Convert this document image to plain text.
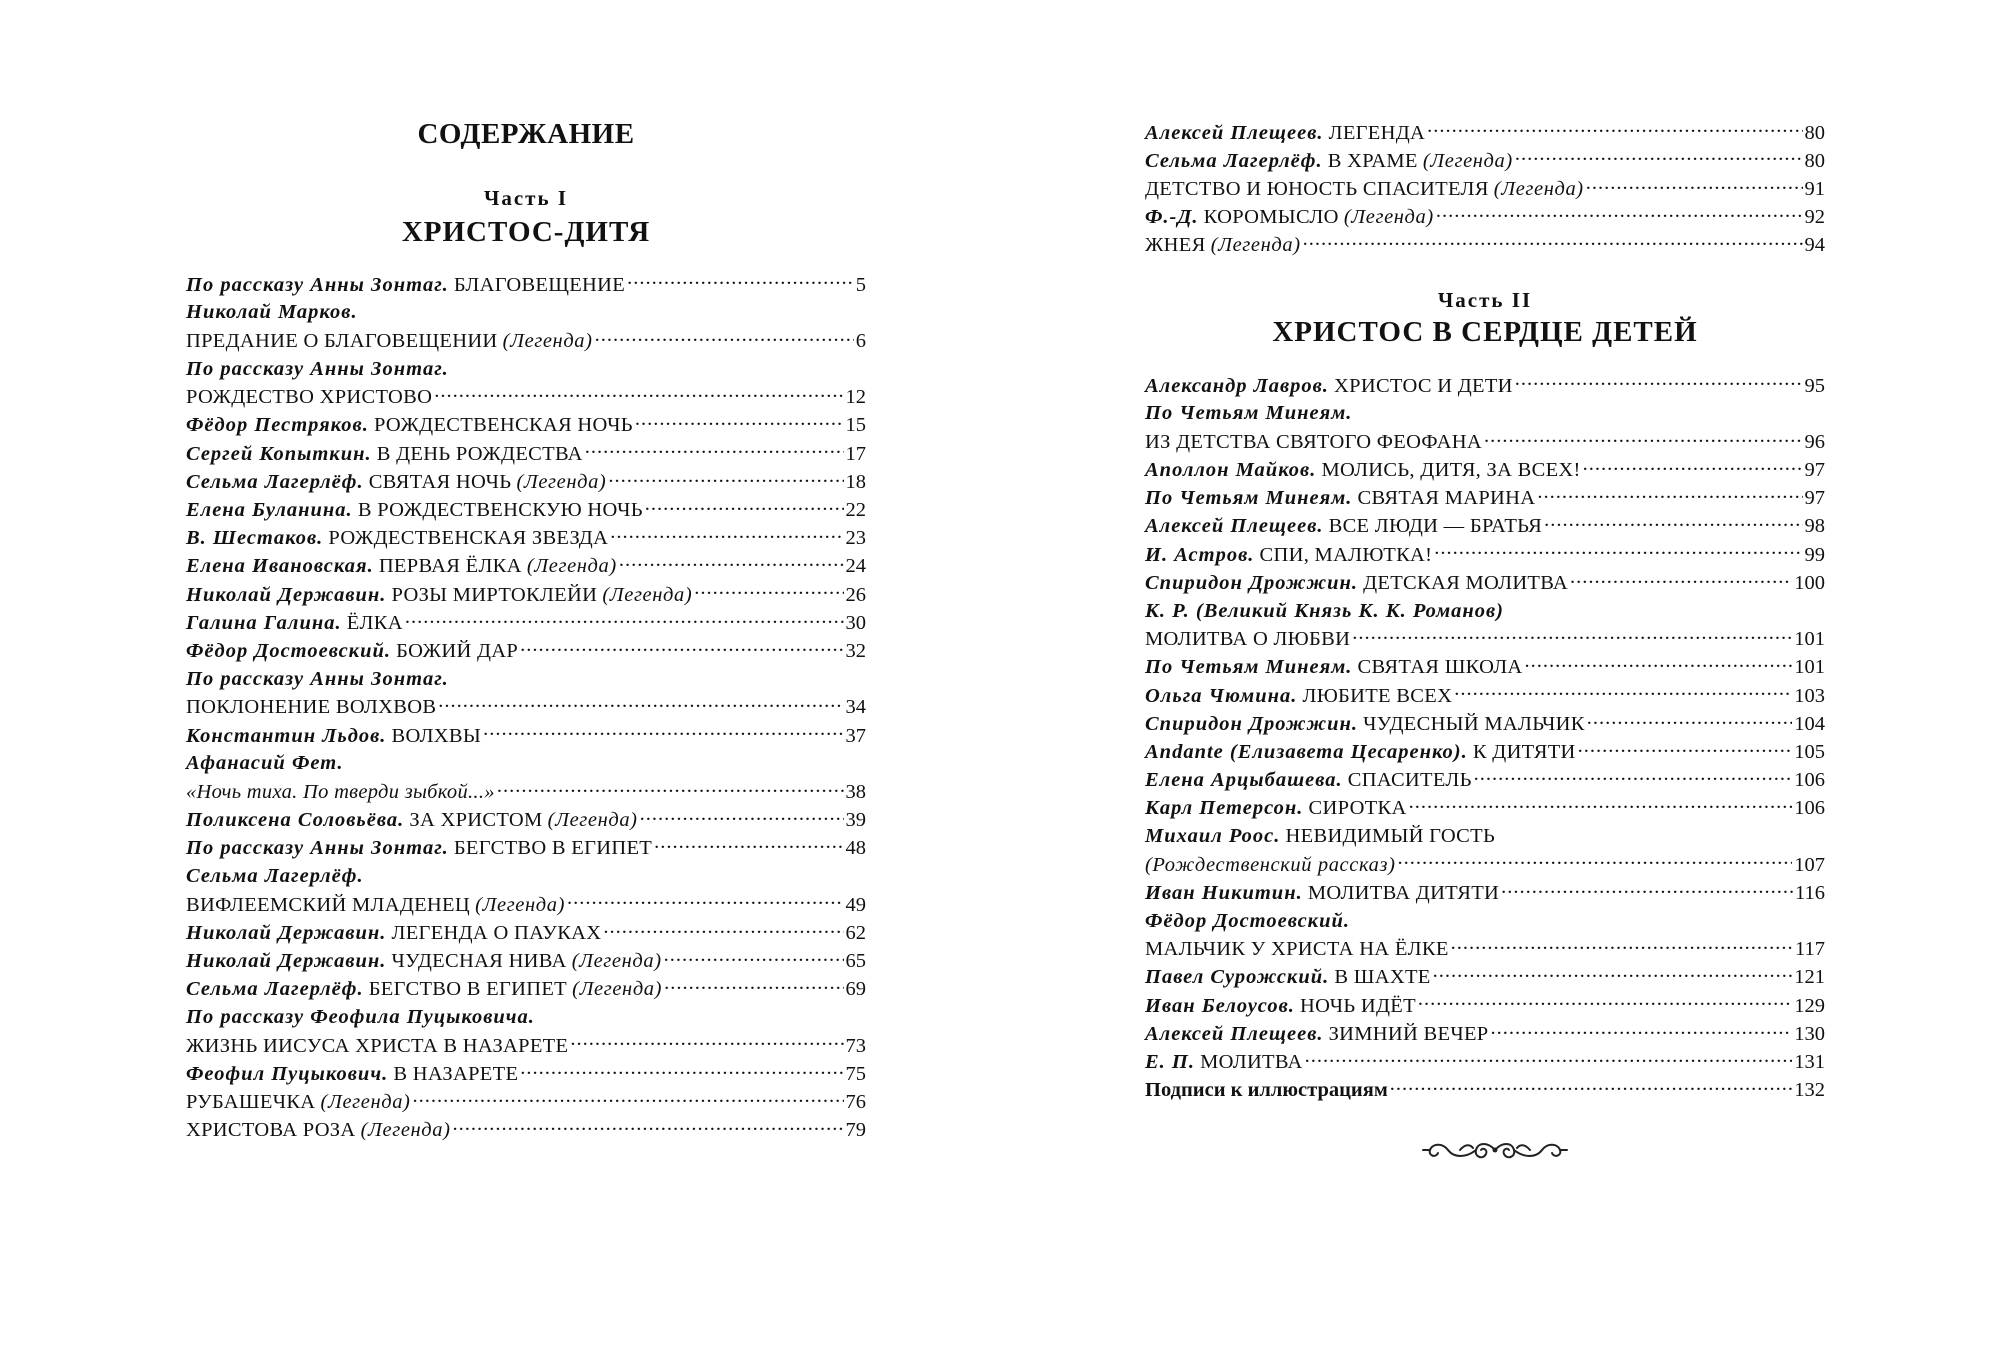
СОДЕРЖАНИЕ
Часть I
ХРИСТОС-ДИТЯ
По рассказу Анны Зонтаг.
БЛАГОВЕЩЕНИЕ .....	5
Николай Марков.
ПРЕДАНИЕ О БЛАГОВЕЩЕНИИ
(Легенда) .....	6
По рассказу Анны Зонтаг.
РОЖДЕСТВО ХРИСТОВО .....	12
Фёдор Пестряков.
РОЖДЕСТВЕНСКАЯ НОЧЬ .....	15
Сергей Копыткин.
В ДЕНЬ РОЖДЕСТВА .....	17
Сельма Лагерлёф.
СВЯТАЯ НОЧЬ
(Легенда) .....	18
Елена Буланина.
В РОЖДЕСТВЕНСКУЮ НОЧЬ .....	22
В. Шестаков.
РОЖДЕСТВЕНСКАЯ ЗВЕЗДА .....	23
Елена Ивановская.
ПЕРВАЯ ЁЛКА
(Легенда) .....	24
Николай Державин.
РОЗЫ МИРТОКЛЕЙИ
(Легенда) .....	26
Галина Галина.
ЁЛКА .....	30
Фёдор Достоевский.
БОЖИЙ ДАР .....	32
По рассказу Анны Зонтаг.
ПОКЛОНЕНИЕ ВОЛХВОВ .....	34
Константин Льдов.
ВОЛХВЫ .....	37
Афанасий Фет.
«Ночь тиха. По тверди зыбкой...» .....	38
Поликсена Соловьёва.
ЗА ХРИСТОМ
(Легенда) .....	39
По рассказу Анны Зонтаг.
БЕГСТВО В ЕГИПЕТ .....	48
Сельма Лагерлёф.
ВИФЛЕЕМСКИЙ МЛАДЕНЕЦ
(Легенда) .....	49
Николай Державин.
ЛЕГЕНДА О ПАУКАХ .....	62
Николай Державин.
ЧУДЕСНАЯ НИВА
(Легенда) .....	65
Сельма Лагерлёф.
БЕГСТВО В ЕГИПЕТ
(Легенда) .....	69
По рассказу Феофила Пуцыковича.
ЖИЗНЬ ИИСУСА ХРИСТА В НАЗАРЕТЕ .....	73
Феофил Пуцыкович.
В НАЗАРЕТЕ .....	75
РУБАШЕЧКА
(Легенда) .....	76
ХРИСТОВА РОЗА
(Легенда) .....	79
Алексей Плещеев.
ЛЕГЕНДА .....	80
Сельма Лагерлёф.
В ХРАМЕ
(Легенда) .....	80
ДЕТСТВО И ЮНОСТЬ СПАСИТЕЛЯ
(Легенда) .....	91
Ф.-Д.
КОРОМЫСЛО
(Легенда) .....	92
ЖНЕЯ
(Легенда) .....	94
Часть II
ХРИСТОС В СЕРДЦЕ ДЕТЕЙ
Александр Лавров.
ХРИСТОС И ДЕТИ .....	95
По Четьям Минеям.
ИЗ ДЕТСТВА СВЯТОГО ФЕОФАНА .....	96
Аполлон Майков.
МОЛИСЬ, ДИТЯ, ЗА ВСЕХ! .....	97
По Четьям Минеям.
СВЯТАЯ МАРИНА .....	97
Алексей Плещеев.
ВСЕ ЛЮДИ — БРАТЬЯ .....	98
И. Астров.
СПИ, МАЛЮТКА! .....	99
Спиридон Дрожжин.
ДЕТСКАЯ МОЛИТВА .....	100
К. Р. (Великий Князь К. К. Романов)
МОЛИТВА О ЛЮБВИ .....	101
По Четьям Минеям.
СВЯТАЯ ШКОЛА .....	101
Ольга Чюмина.
ЛЮБИТЕ ВСЕХ .....	103
Спиридон Дрожжин.
ЧУДЕСНЫЙ МАЛЬЧИК .....	104
Andante (Елизавета Цесаренко).
К ДИТЯТИ .....	105
Елена Арцыбашева.
СПАСИТЕЛЬ .....	106
Карл Петерсон.
СИРОТКА .....	106
Михаил Роос.
НЕВИДИМЫЙ ГОСТЬ
(Рождественский рассказ) .....	107
Иван Никитин.
МОЛИТВА ДИТЯТИ .....	116
Фёдор Достоевский.
МАЛЬЧИК У ХРИСТА НА ЁЛКЕ .....	117
Павел Сурожский.
В ШАХТЕ .....	121
Иван Белоусов.
НОЧЬ ИДЁТ .....	129
Алексей Плещеев.
ЗИМНИЙ ВЕЧЕР .....	130
Е. П.
МОЛИТВА .....	131
Подписи к иллюстрациям .....	132
